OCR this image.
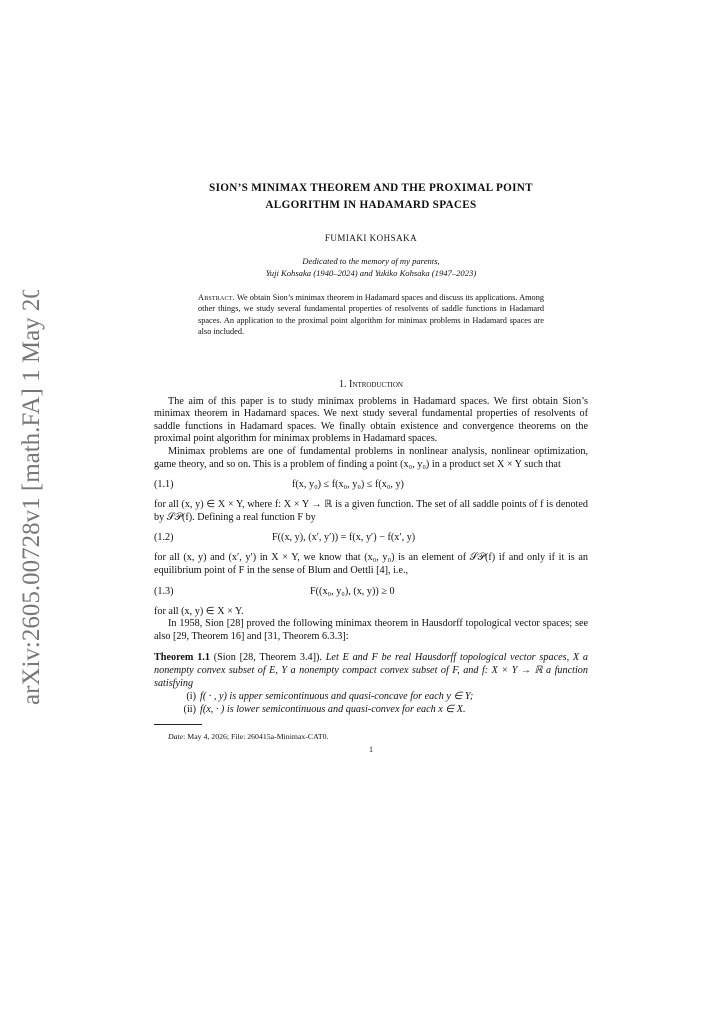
arXiv:2605.00728v1 [math.FA] 1 May 2026
SION’S MINIMAX THEOREM AND THE PROXIMAL POINT
ALGORITHM IN HADAMARD SPACES
FUMIAKI KOHSAKA
Dedicated to the memory of my parents,
Yuji Kohsaka (1940–2024) and Yukiko Kohsaka (1947–2023)
Abstract. We obtain Sion’s minimax theorem in Hadamard spaces and discuss its applications. Among other things, we study several fundamental properties of resolvents of saddle functions in Hadamard spaces. An application to the proximal point algorithm for minimax problems in Hadamard spaces are also included.
1. Introduction

The aim of this paper is to study minimax problems in Hadamard spaces. We first obtain Sion’s minimax theorem in Hadamard spaces. We next study several fundamental properties of resolvents of saddle functions in Hadamard spaces. We finally obtain existence and convergence theorems on the proximal point algorithm for minimax problems in Hadamard spaces.

Minimax problems are one of fundamental problems in nonlinear analysis, nonlinear optimization, game theory, and so on. This is a problem of finding a point (x₀, y₀) in a product set X × Y such that

(1.1)	f(x, y₀) ≤ f(x₀, y₀) ≤ f(x₀, y)

for all (x, y) ∈ X × Y, where f: X × Y → ℝ is a given function. The set of all saddle points of f is denoted by 𝒮𝒫(f). Defining a real function F by

(1.2)	F((x, y), (x′, y′)) = f(x, y′) − f(x′, y)

for all (x, y) and (x′, y′) in X × Y, we know that (x₀, y₀) is an element of 𝒮𝒫(f) if and only if it is an equilibrium point of F in the sense of Blum and Oettli [4], i.e.,

(1.3)	F((x₀, y₀), (x, y)) ≥ 0

for all (x, y) ∈ X × Y.

In 1958, Sion [28] proved the following minimax theorem in Hausdorff topological vector spaces; see also [29, Theorem 16] and [31, Theorem 6.3.3]:

Theorem 1.1 (Sion [28, Theorem 3.4]). Let E and F be real Hausdorff topological vector spaces, X a nonempty convex subset of E, Y a nonempty compact convex subset of F, and f: X × Y → ℝ a function satisfying
(i) f( · , y) is upper semicontinuous and quasi-concave for each y ∈ Y;
(ii) f(x, · ) is lower semicontinuous and quasi-convex for each x ∈ X.
Date: May 4, 2026; File: 260415a-Minimax-CAT0.
1
